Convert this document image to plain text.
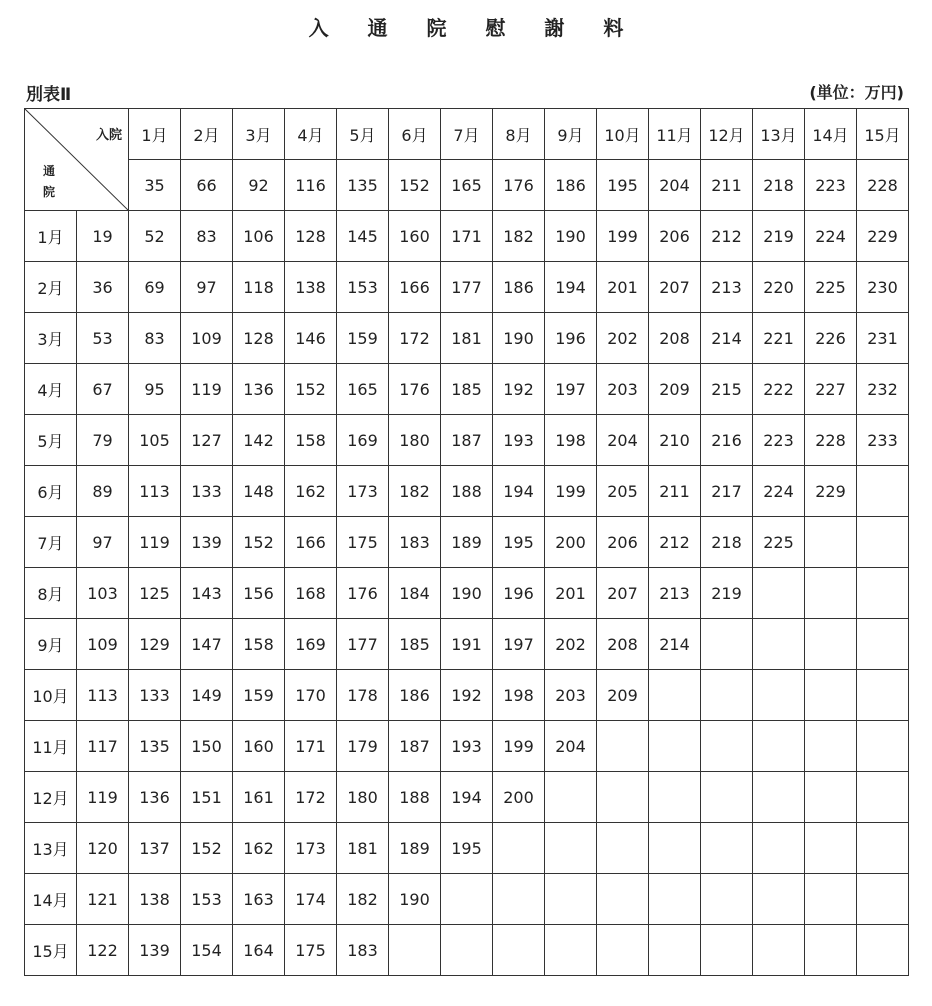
入 通 院 慰 謝 料
別表Ⅱ	(単位：万円)
入院
通
院		1月	2月	3月	4月	5月	6月	7月	8月	9月	10月	11月	12月	13月	14月	15月
		35	66	92	116	135	152	165	176	186	195	204	211	218	223	228
1月	19	52	83	106	128	145	160	171	182	190	199	206	212	219	224	229
2月	36	69	97	118	138	153	166	177	186	194	201	207	213	220	225	230
3月	53	83	109	128	146	159	172	181	190	196	202	208	214	221	226	231
4月	67	95	119	136	152	165	176	185	192	197	203	209	215	222	227	232
5月	79	105	127	142	158	169	180	187	193	198	204	210	216	223	228	233
6月	89	113	133	148	162	173	182	188	194	199	205	211	217	224	229	
7月	97	119	139	152	166	175	183	189	195	200	206	212	218	225		
8月	103	125	143	156	168	176	184	190	196	201	207	213	219			
9月	109	129	147	158	169	177	185	191	197	202	208	214				
10月	113	133	149	159	170	178	186	192	198	203	209					
11月	117	135	150	160	171	179	187	193	199	204						
12月	119	136	151	161	172	180	188	194	200							
13月	120	137	152	162	173	181	189	195								
14月	121	138	153	163	174	182	190									
15月	122	139	154	164	175	183										
